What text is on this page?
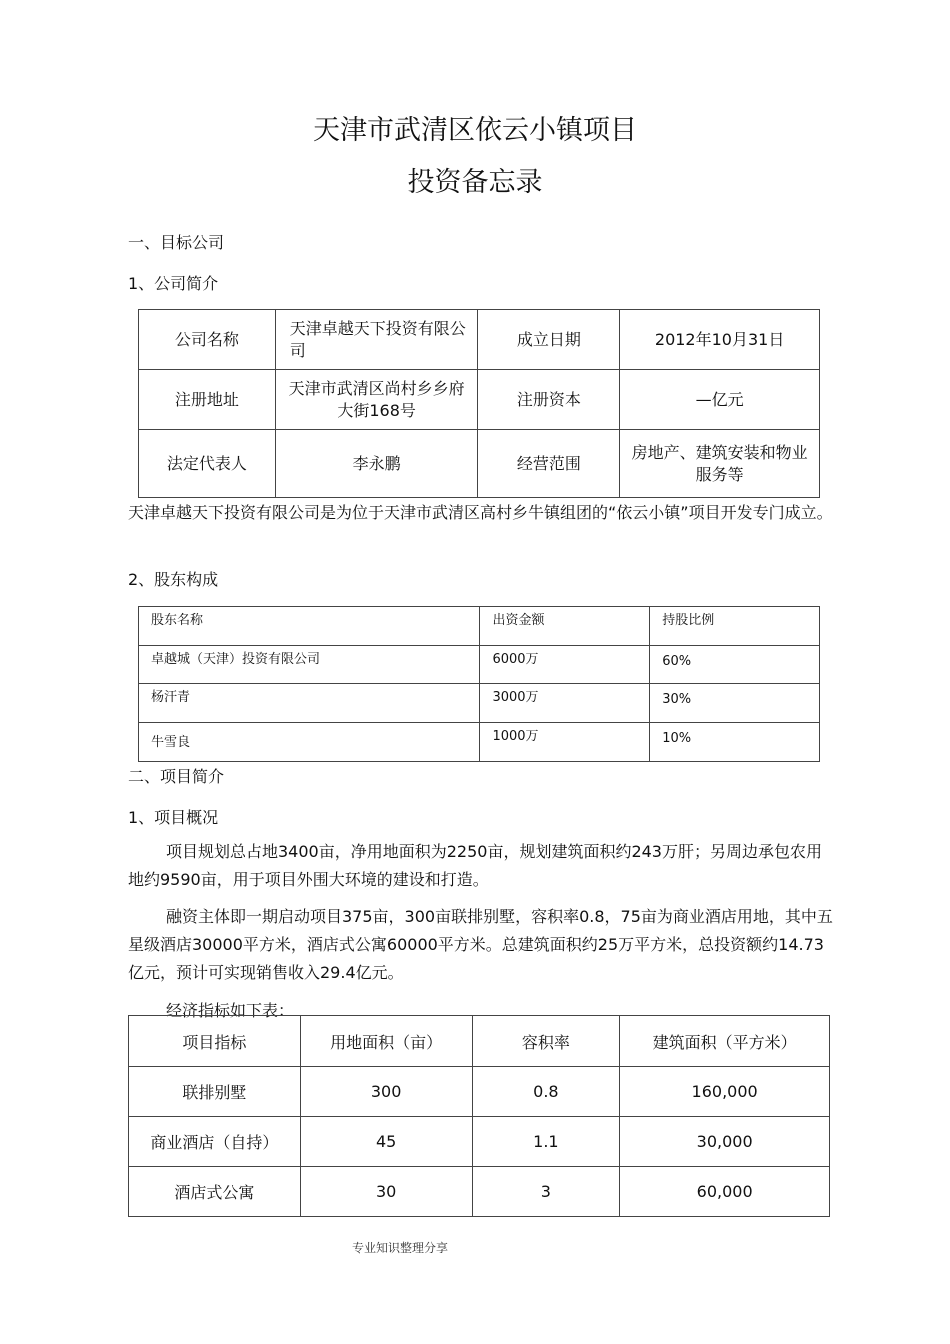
天津市武清区依云小镇项目
投资备忘录
一、目标公司
1、公司简介
公司名称	天津卓越天下投资有限公司	成立日期	2012年10月31日
注册地址	天津市武清区尚村乡乡府大街168号	注册资本	—亿元
法定代表人	李永鹏	经营范围	房地产、建筑安装和物业服务等
天津卓越天下投资有限公司是为位于天津市武清区高村乡牛镇组团的“依云小镇”项目开发专门成立。
2、股东构成
股东名称	出资金额	持股比例
卓越城（天津）投资有限公司	6000万	60%
杨汗青	3000万	30%
牛雪良	1000万	10%
二、项目简介
1、项目概况
项目规划总占地3400亩，净用地面积为2250亩，规划建筑面积约243万肝；另周边承包农用地约9590亩，用于项目外围大环境的建设和打造。
融资主体即一期启动项目375亩，300亩联排别墅，容积率0.8，75亩为商业酒店用地，其中五星级酒店30000平方米，酒店式公寓60000平方米。总建筑面积约25万平方米，总投资额约14.73亿元，预计可实现销售收入29.4亿元。
经济指标如下表：
项目指标	用地面积（亩）	容积率	建筑面积（平方米）
联排别墅	300	0.8	160,000
商业酒店（自持）	45	1.1	30,000
酒店式公寓	30	3	60,000
专业知识整理分享
